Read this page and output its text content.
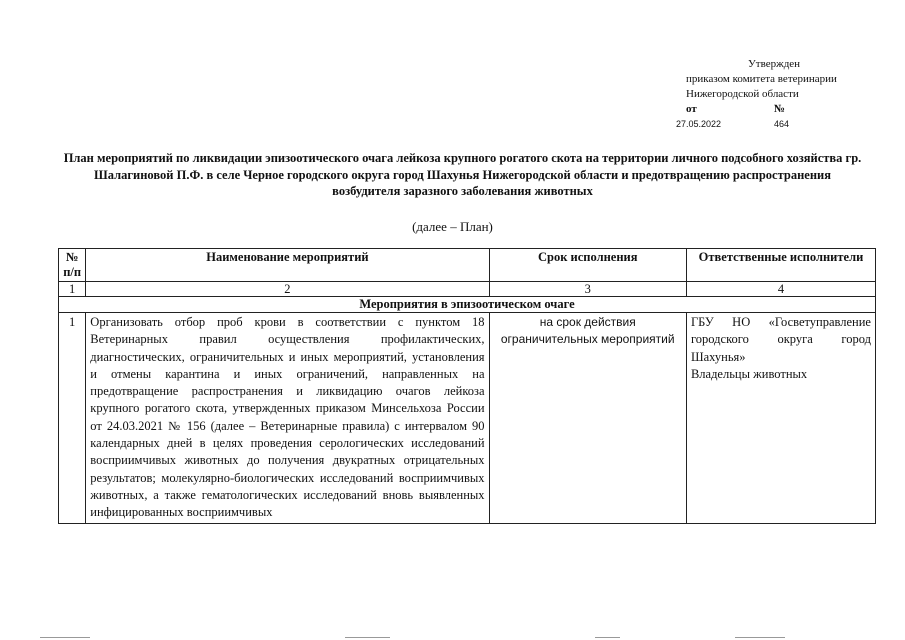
Утвержден
приказом комитета ветеринарии
Нижегородской области
от	№
27.05.2022	464
План мероприятий по ликвидации эпизоотического очага лейкоза крупного рогатого скота на территории личного подсобного хозяйства гр. Шалагиновой П.Ф. в селе Черное городского округа город Шахунья Нижегородской области и предотвращению распространения возбудителя заразного заболевания животных
(далее – План)
№ п/п	Наименование мероприятий	Срок исполнения	Ответственные исполнители
1	2	3	4
Мероприятия в эпизоотическом очаге			
1	Организовать отбор проб крови в соответствии с пунктом 18 Ветеринарных правил осуществления профилактических, диагностических, ограничительных и иных мероприятий, установления и отмены карантина и иных ограничений, направленных на предотвращение распространения и ликвидацию очагов лейкоза крупного рогатого скота, утвержденных приказом Минсельхоза России от 24.03.2021 № 156 (далее – Ветеринарные правила) с интервалом 90 календарных дней в целях проведения серологических исследований восприимчивых животных до получения двукратных отрицательных результатов; молекулярно-биологических исследований восприимчивых животных, а также гематологических исследований вновь выявленных инфицированных восприимчивых	на срок действия ограничительных мероприятий	ГБУ НО «Госветуправление городского округа город Шахунья»
Владельцы животных
